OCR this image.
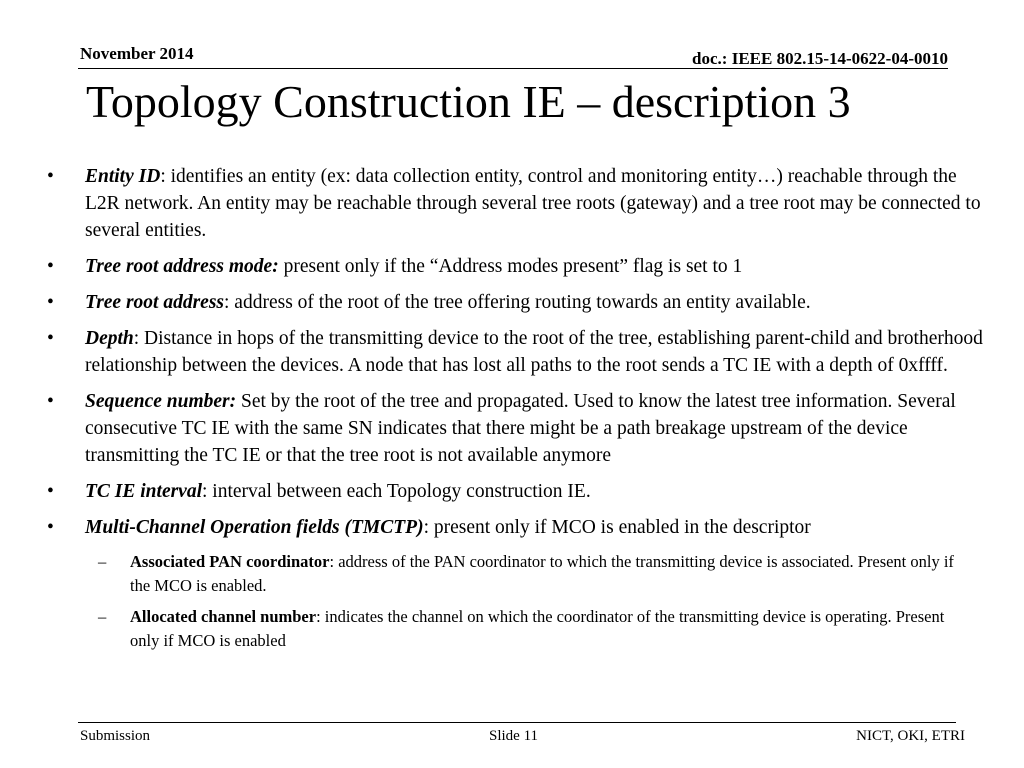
November 2014	doc.: IEEE 802.15-14-0622-04-0010
Topology Construction IE – description 3
• Entity ID: identifies an entity (ex: data collection entity, control and monitoring entity…) reachable through the L2R network. An entity may be reachable through several tree roots (gateway) and a tree root may be connected to several entities.
• Tree root address mode: present only if the “Address modes present” flag is set to 1
• Tree root address: address of the root of the tree offering routing towards an entity available.
• Depth: Distance in hops of the transmitting device to the root of the tree, establishing parent-child and brotherhood relationship between the devices. A node that has lost all paths to the root sends a TC IE with a depth of 0xffff.
• Sequence number: Set by the root of the tree and propagated. Used to know the latest tree information. Several consecutive TC IE with the same SN indicates that there might be a path breakage upstream of the device transmitting the TC IE or that the tree root is not available anymore
• TC IE interval: interval between each Topology construction IE.
• Multi-Channel Operation fields (TMCTP): present only if MCO is enabled in the descriptor
– Associated PAN coordinator: address of the PAN coordinator to which the transmitting device is associated. Present only if the MCO is enabled.
– Allocated channel number: indicates the channel on which the coordinator of the transmitting device is operating. Present only if MCO is enabled
Submission	Slide 11	NICT, OKI, ETRI
